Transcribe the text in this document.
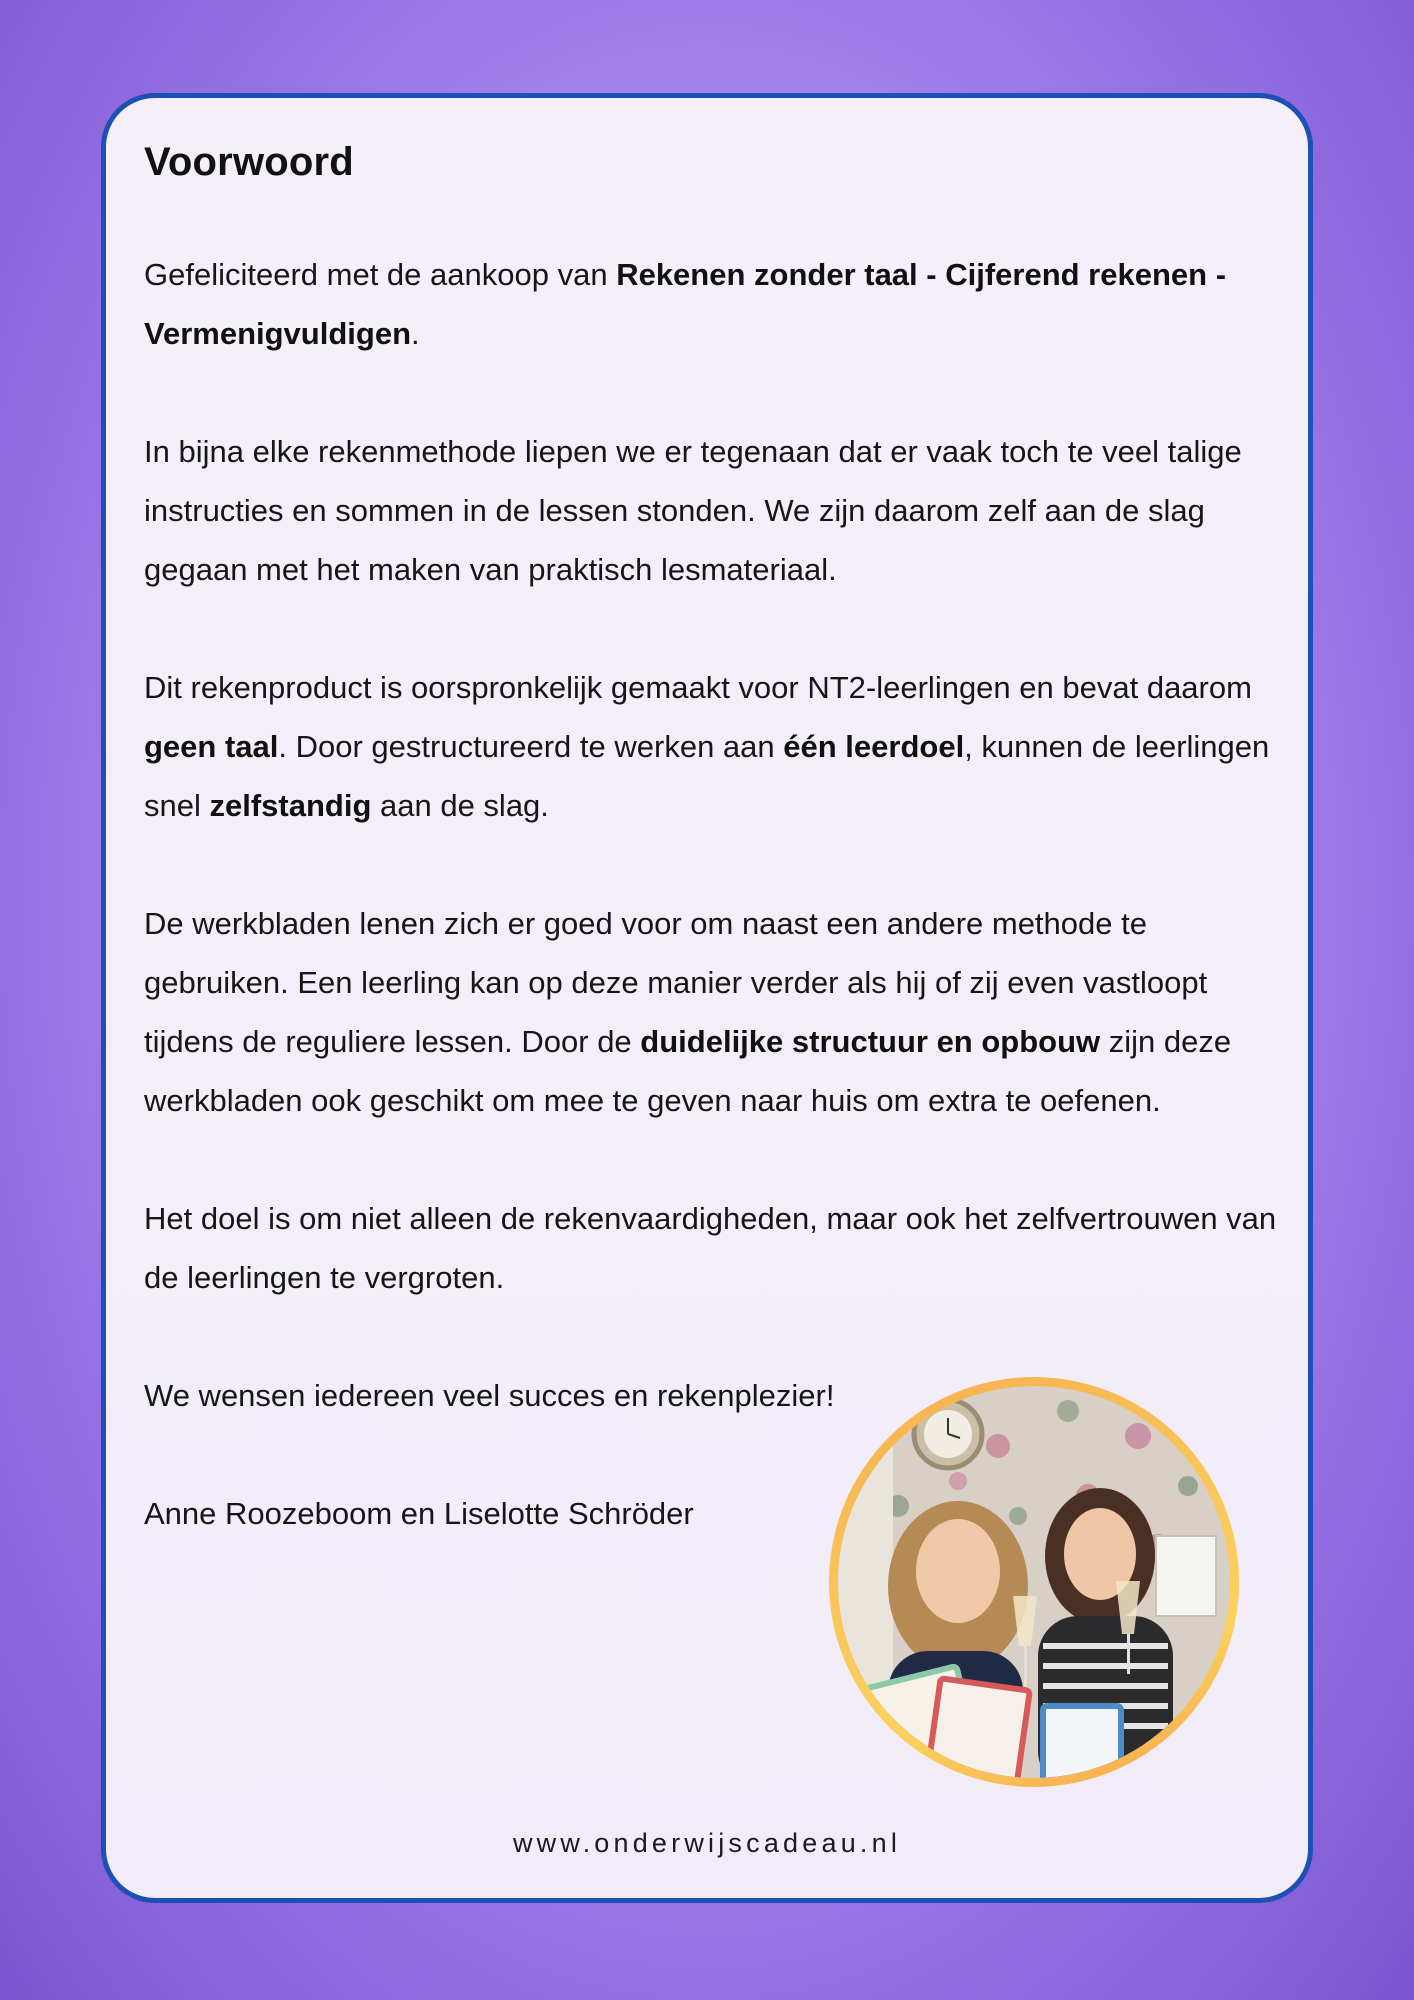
Voorwoord

Gefeliciteerd met de aankoop van Rekenen zonder taal - Cijferend rekenen - Vermenigvuldigen.

In bijna elke rekenmethode liepen we er tegenaan dat er vaak toch te veel talige instructies en sommen in de lessen stonden. We zijn daarom zelf aan de slag gegaan met het maken van praktisch lesmateriaal.

Dit rekenproduct is oorspronkelijk gemaakt voor NT2-leerlingen en bevat daarom geen taal. Door gestructureerd te werken aan één leerdoel, kunnen de leerlingen snel zelfstandig aan de slag.

De werkbladen lenen zich er goed voor om naast een andere methode te gebruiken. Een leerling kan op deze manier verder als hij of zij even vastloopt tijdens de reguliere lessen. Door de duidelijke structuur en opbouw zijn deze werkbladen ook geschikt om mee te geven naar huis om extra te oefenen.

Het doel is om niet alleen de rekenvaardigheden, maar ook het zelfvertrouwen van de leerlingen te vergroten.

We wensen iedereen veel succes en rekenplezier!

Anne Roozeboom en Liselotte Schröder

www.onderwijscadeau.nl
